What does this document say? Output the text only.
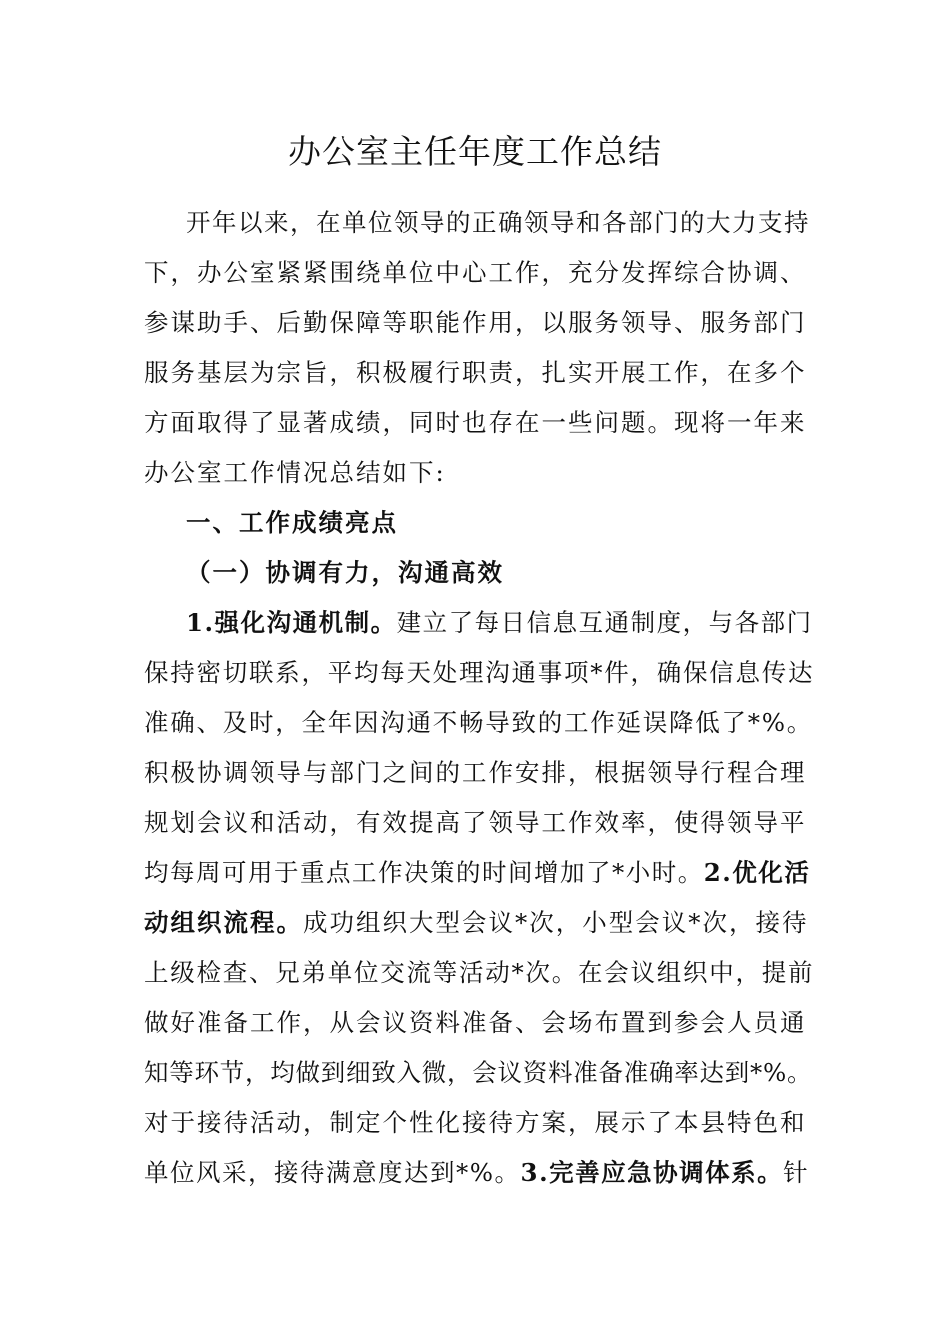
办公室主任年度工作总结
开年以来，在单位领导的正确领导和各部门的大力支持
下，办公室紧紧围绕单位中心工作，充分发挥综合协调、
参谋助手、后勤保障等职能作用，以服务领导、服务部门
服务基层为宗旨，积极履行职责，扎实开展工作，在多个
方面取得了显著成绩，同时也存在一些问题。现将一年来
办公室工作情况总结如下:
一、工作成绩亮点
（一）协调有力，沟通高效
1.强化沟通机制。建立了每日信息互通制度，与各部门
保持密切联系，平均每天处理沟通事项*件，确保信息传达
准确、及时，全年因沟通不畅导致的工作延误降低了*%。
积极协调领导与部门之间的工作安排，根据领导行程合理
规划会议和活动，有效提高了领导工作效率，使得领导平
均每周可用于重点工作决策的时间增加了*小时。2.优化活
动组织流程。成功组织大型会议*次，小型会议*次，接待
上级检查、兄弟单位交流等活动*次。在会议组织中，提前
做好准备工作，从会议资料准备、会场布置到参会人员通
知等环节，均做到细致入微，会议资料准备准确率达到*%。
对于接待活动，制定个性化接待方案，展示了本县特色和
单位风采，接待满意度达到*%。3.完善应急协调体系。针
